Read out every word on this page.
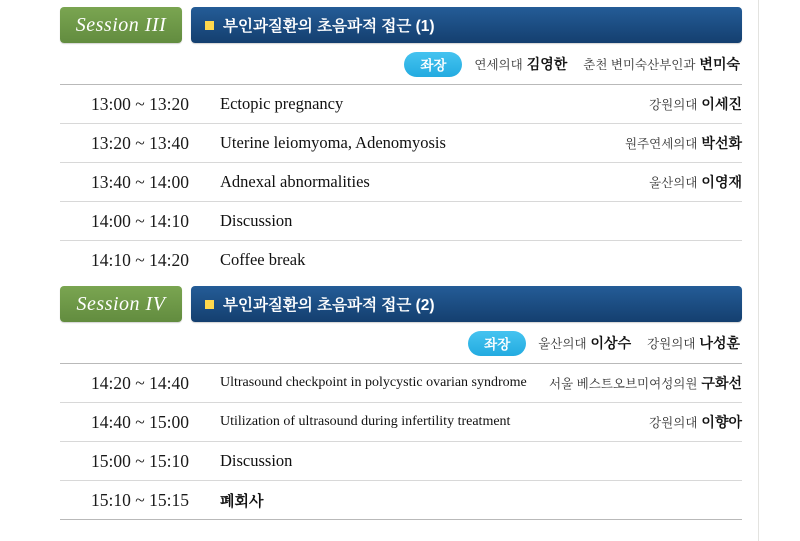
Session III	부인과질환의 초음파적 접근 (1)
좌장	연세의대 김영한 춘천 변미숙산부인과 변미숙
13:00 ~ 13:20	Ectopic pregnancy	강원의대 이세진
13:20 ~ 13:40	Uterine leiomyoma, Adenomyosis	원주연세의대 박선화
13:40 ~ 14:00	Adnexal abnormalities	울산의대 이영재
14:00 ~ 14:10	Discussion	
14:10 ~ 14:20	Coffee break	
Session IV	부인과질환의 초음파적 접근 (2)
좌장	울산의대 이상수 강원의대 나성훈
14:20 ~ 14:40	Ultrasound checkpoint in polycystic ovarian syndrome	서울 베스트오브미여성의원 구화선
14:40 ~ 15:00	Utilization of ultrasound during infertility treatment	강원의대 이향아
15:00 ~ 15:10	Discussion	
15:10 ~ 15:15	폐회사	
